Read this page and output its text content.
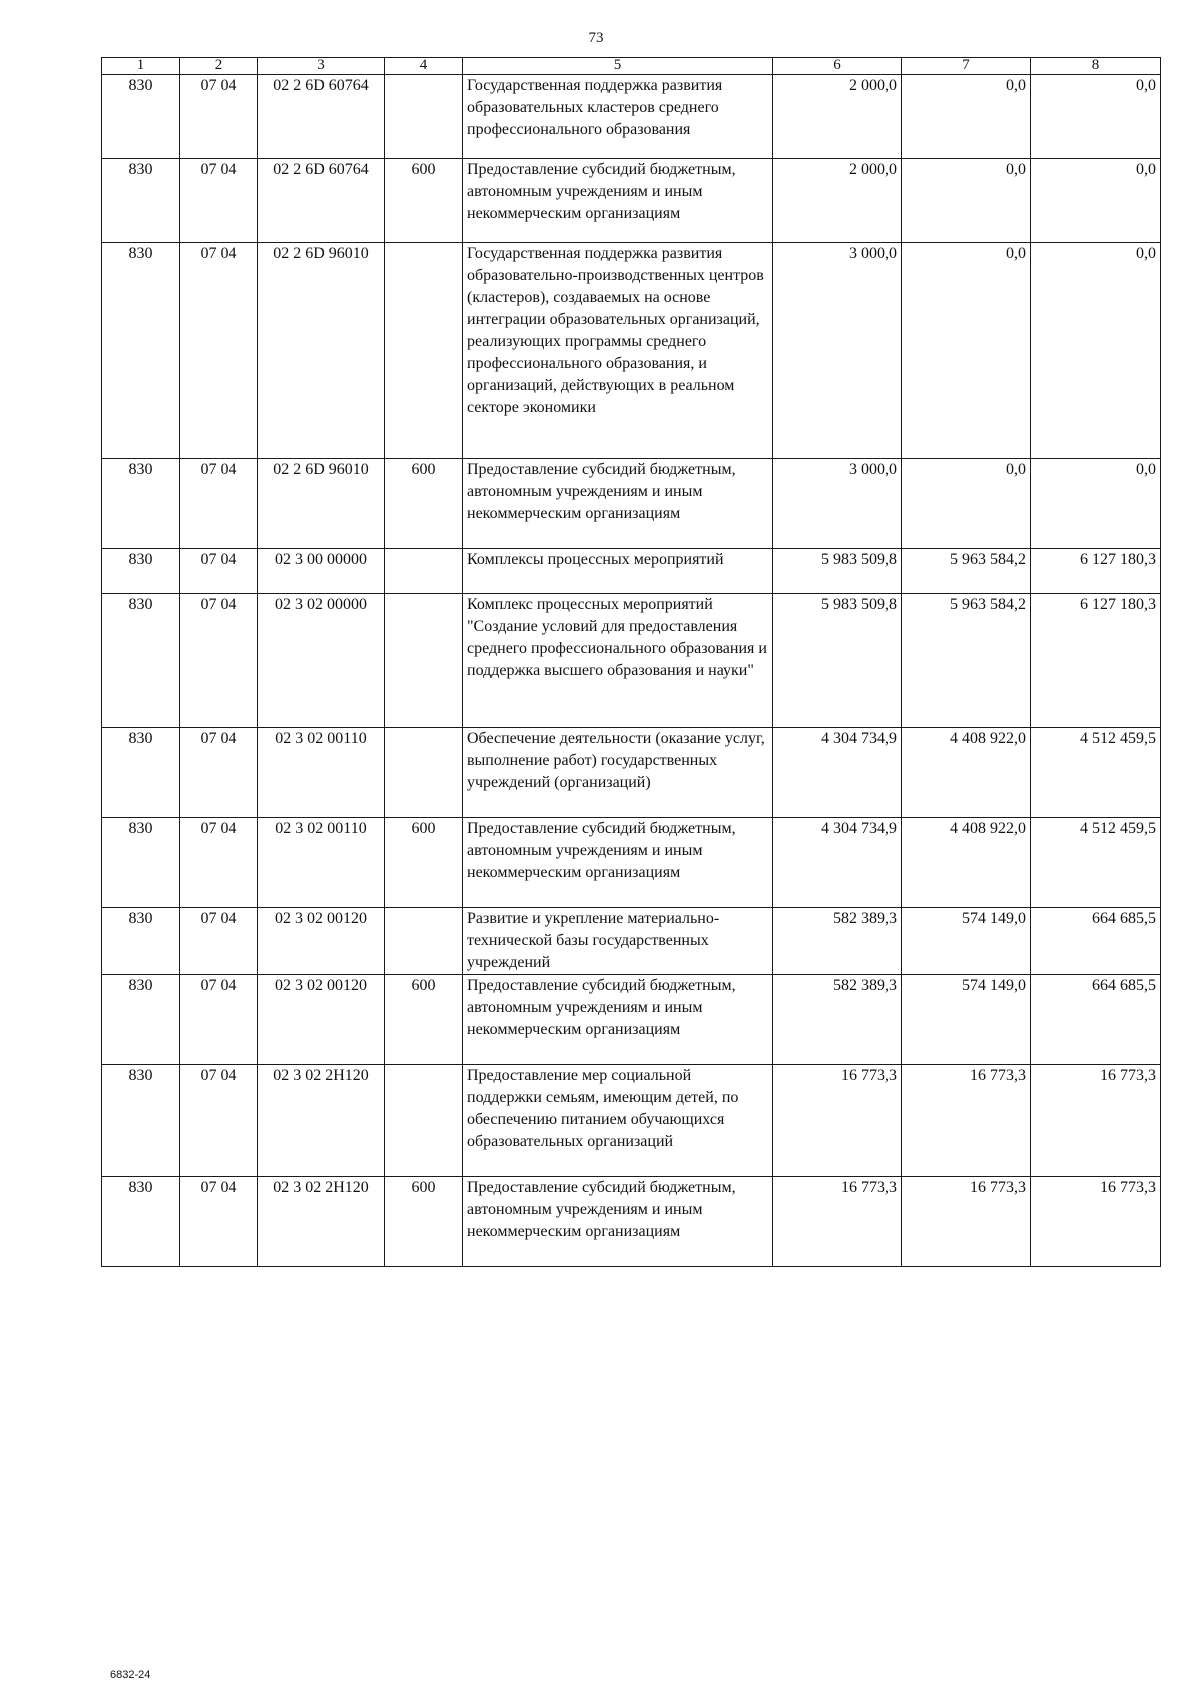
73
1	2	3	4	5	6	7	8
830	07 04	02 2 6D 60764		Государственная поддержка развития образовательных кластеров среднего профессионального образования	2 000,0	0,0	0,0
830	07 04	02 2 6D 60764	600	Предоставление субсидий бюджетным, автономным учреждениям и иным некоммерческим организациям	2 000,0	0,0	0,0
830	07 04	02 2 6D 96010		Государственная поддержка развития образовательно-производственных центров (кластеров), создаваемых на основе интеграции образовательных организаций, реализующих программы среднего профессионального образования, и организаций, действующих в реальном секторе экономики	3 000,0	0,0	0,0
830	07 04	02 2 6D 96010	600	Предоставление субсидий бюджетным, автономным учреждениям и иным некоммерческим организациям	3 000,0	0,0	0,0
830	07 04	02 3 00 00000		Комплексы процессных мероприятий	5 983 509,8	5 963 584,2	6 127 180,3
830	07 04	02 3 02 00000		Комплекс процессных мероприятий "Создание условий для предоставления среднего профессионального образования и поддержка высшего образования и науки"	5 983 509,8	5 963 584,2	6 127 180,3
830	07 04	02 3 02 00110		Обеспечение деятельности (оказание услуг, выполнение работ) государственных учреждений (организаций)	4 304 734,9	4 408 922,0	4 512 459,5
830	07 04	02 3 02 00110	600	Предоставление субсидий бюджетным, автономным учреждениям и иным некоммерческим организациям	4 304 734,9	4 408 922,0	4 512 459,5
830	07 04	02 3 02 00120		Развитие и укрепление материально-технической базы государственных учреждений	582 389,3	574 149,0	664 685,5
830	07 04	02 3 02 00120	600	Предоставление субсидий бюджетным, автономным учреждениям и иным некоммерческим организациям	582 389,3	574 149,0	664 685,5
830	07 04	02 3 02 2Н120		Предоставление мер социальной поддержки семьям, имеющим детей, по обеспечению питанием обучающихся образовательных организаций	16 773,3	16 773,3	16 773,3
830	07 04	02 3 02 2Н120	600	Предоставление субсидий бюджетным, автономным учреждениям и иным некоммерческим организациям	16 773,3	16 773,3	16 773,3
6832-24
